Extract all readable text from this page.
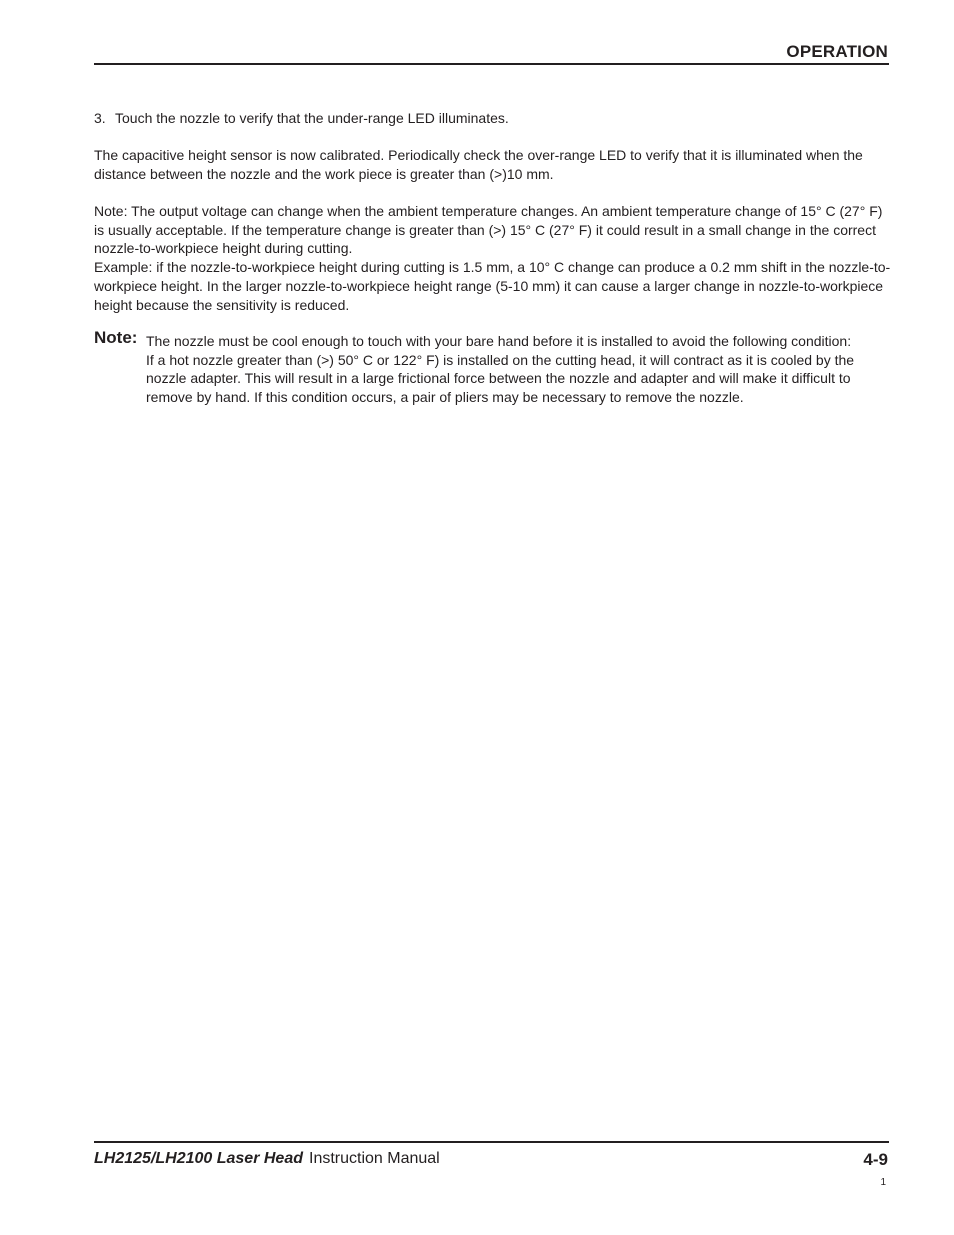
OPERATION
3. Touch the nozzle to verify that the under-range LED illuminates.
The capacitive height sensor is now calibrated. Periodically check the over-range LED to verify that it is illuminated when the distance between the nozzle and the work piece is greater than (>)10 mm.
Note: The output voltage can change when the ambient temperature changes. An ambient temperature change of 15° C (27° F) is usually acceptable. If the temperature change is greater than (>) 15° C (27° F) it could result in a small change in the correct nozzle-to-workpiece height during cutting.
Example: if the nozzle-to-workpiece height during cutting is 1.5 mm, a 10° C change can produce a 0.2 mm shift in the nozzle-to-workpiece height. In the larger nozzle-to-workpiece height range (5-10 mm) it can cause a larger change in nozzle-to-workpiece height because the sensitivity is reduced.
Note: The nozzle must be cool enough to touch with your bare hand before it is installed to avoid the following condition:
If a hot nozzle greater than (>) 50° C or 122° F) is installed on the cutting head, it will contract as it is cooled by the nozzle adapter. This will result in a large frictional force between the nozzle and adapter and will make it difficult to remove by hand. If this condition occurs, a pair of pliers may be necessary to remove the nozzle.
LH2125/LH2100 Laser Head Instruction Manual	4-9
1
